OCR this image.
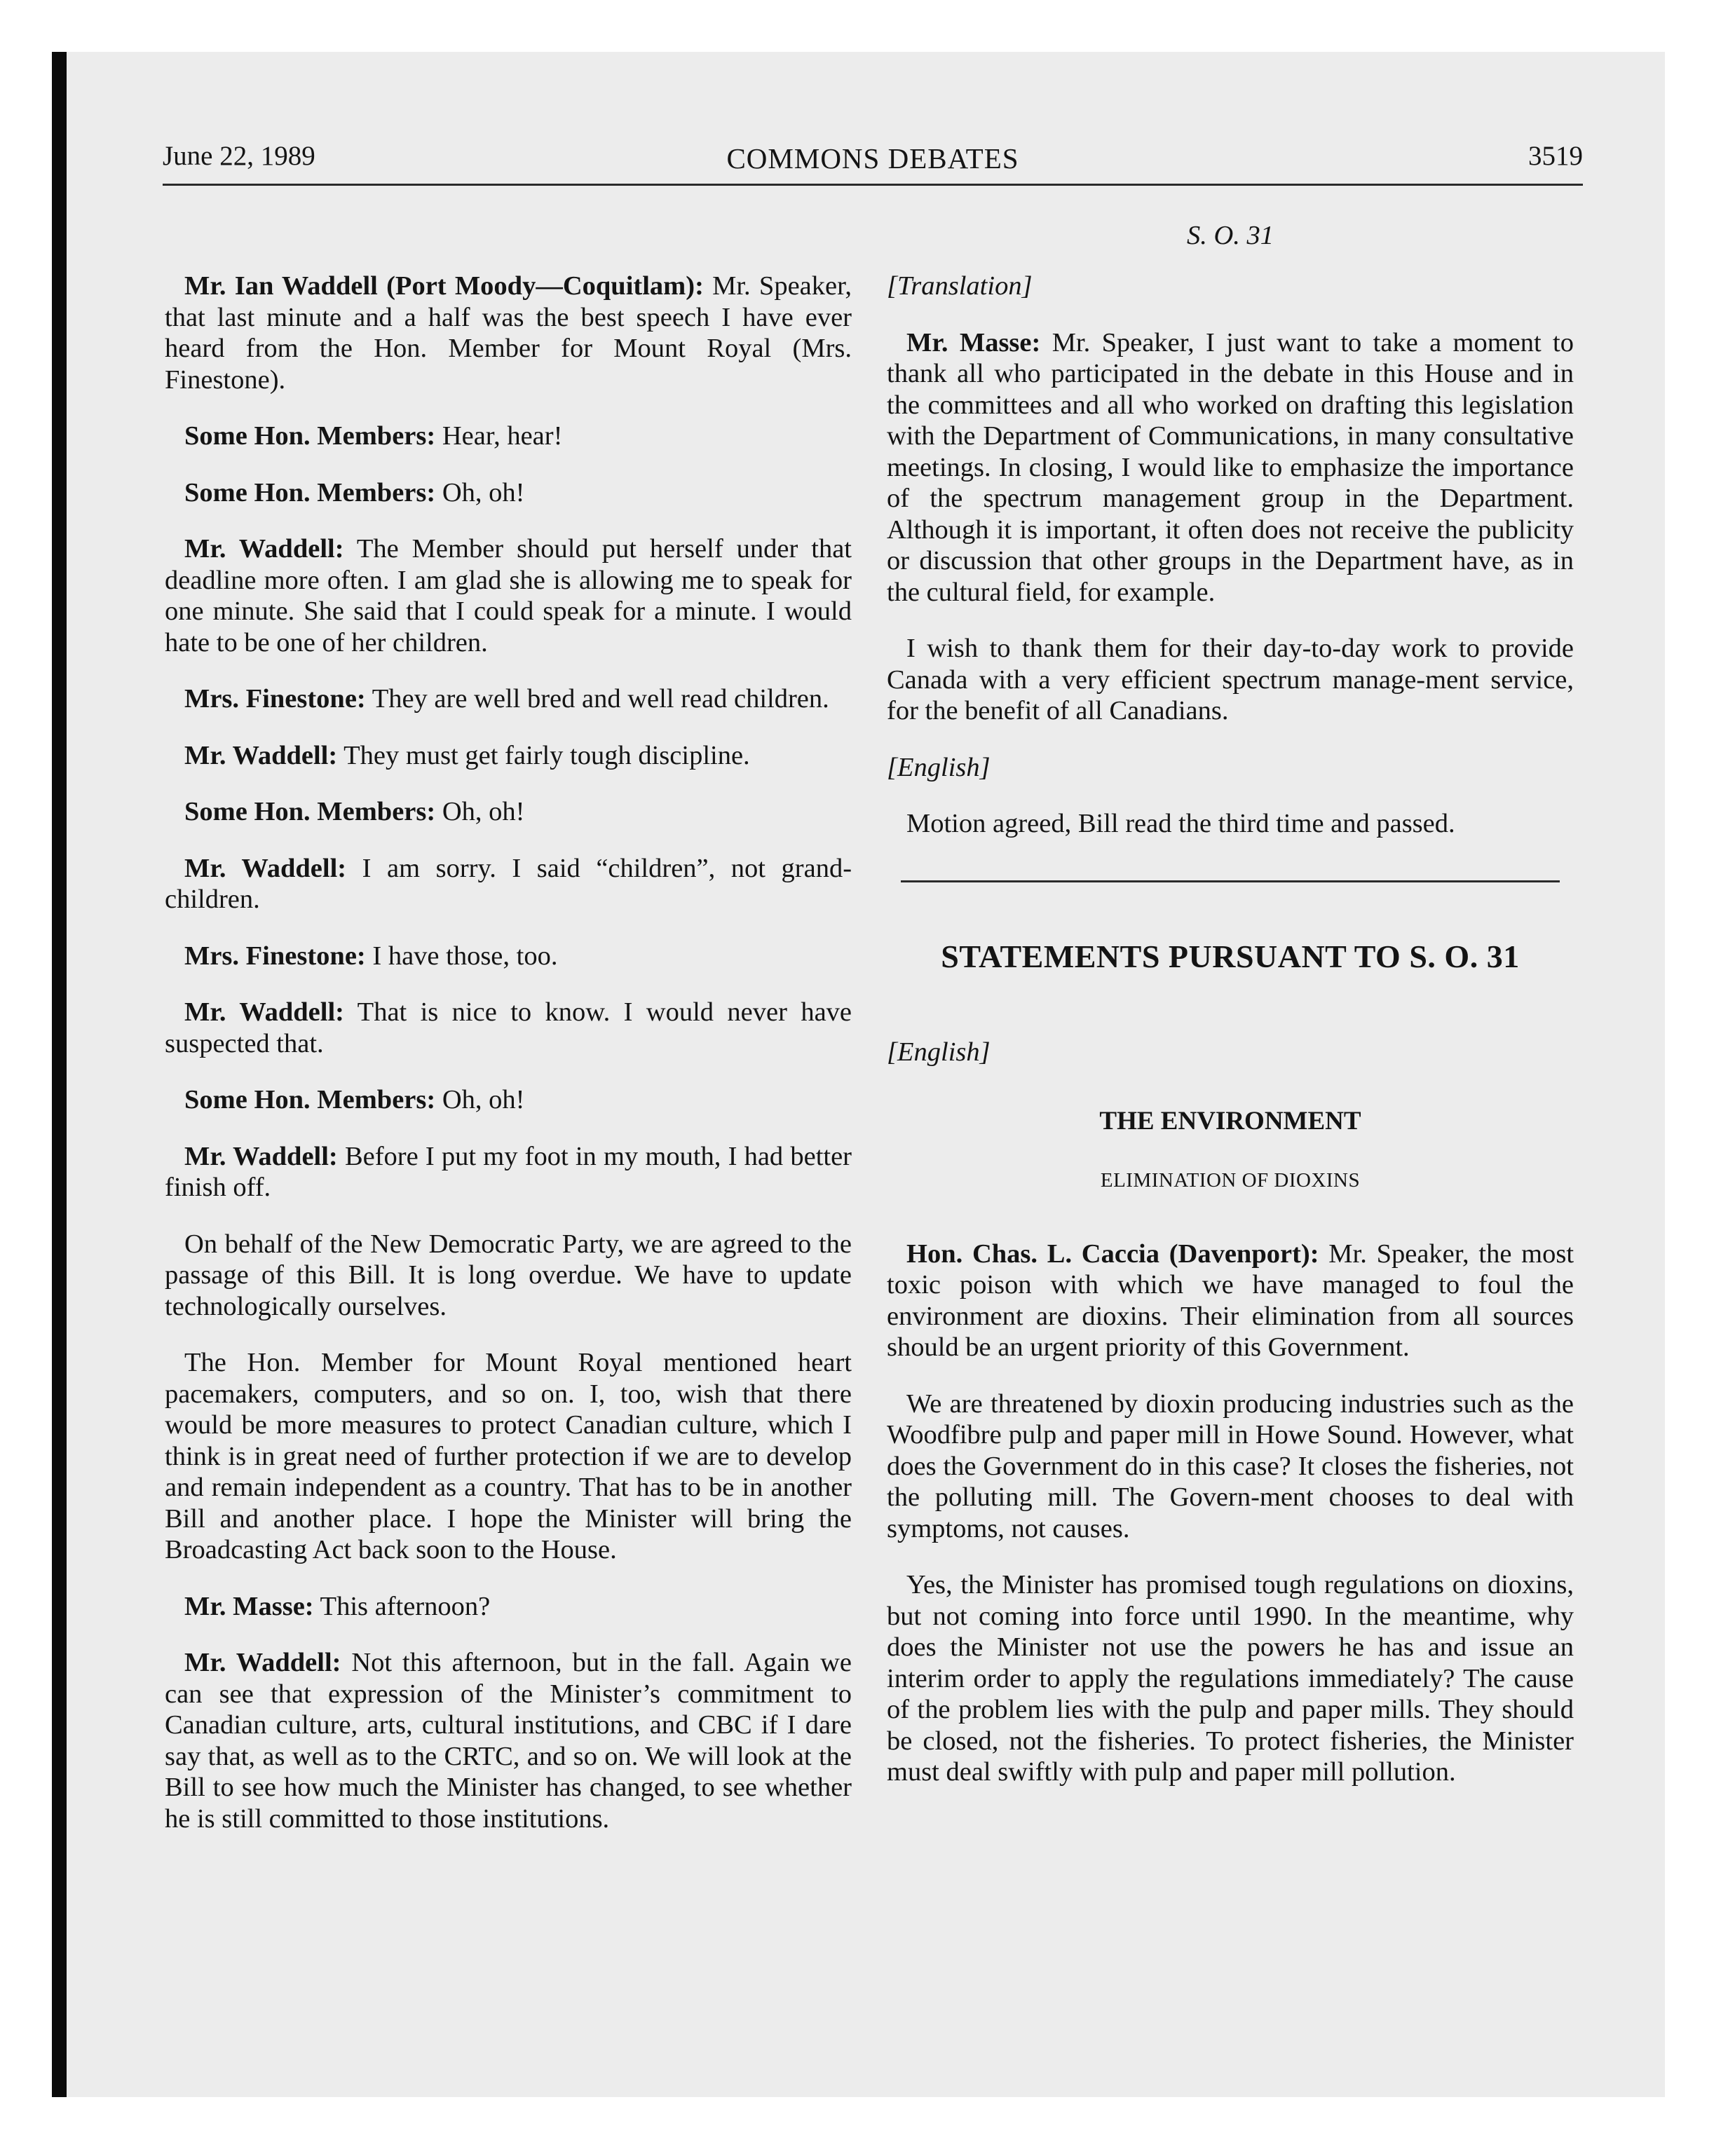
June 22, 1989	COMMONS DEBATES	3519
S. O. 31

Mr. Ian Waddell (Port Moody—Coquitlam): Mr. Speaker, that last minute and a half was the best speech I have ever heard from the Hon. Member for Mount Royal (Mrs. Finestone).

Some Hon. Members: Hear, hear!

Some Hon. Members: Oh, oh!

Mr. Waddell: The Member should put herself under that deadline more often. I am glad she is allowing me to speak for one minute. She said that I could speak for a minute. I would hate to be one of her children.

Mrs. Finestone: They are well bred and well read children.

Mr. Waddell: They must get fairly tough discipline.

Some Hon. Members: Oh, oh!

Mr. Waddell: I am sorry. I said “children”, not grand-children.

Mrs. Finestone: I have those, too.

Mr. Waddell: That is nice to know. I would never have suspected that.

Some Hon. Members: Oh, oh!

Mr. Waddell: Before I put my foot in my mouth, I had better finish off.

On behalf of the New Democratic Party, we are agreed to the passage of this Bill. It is long overdue. We have to update technologically ourselves.

The Hon. Member for Mount Royal mentioned heart pacemakers, computers, and so on. I, too, wish that there would be more measures to protect Canadian culture, which I think is in great need of further protection if we are to develop and remain independent as a country. That has to be in another Bill and another place. I hope the Minister will bring the Broadcasting Act back soon to the House.

Mr. Masse: This afternoon?

Mr. Waddell: Not this afternoon, but in the fall. Again we can see that expression of the Minister’s commitment to Canadian culture, arts, cultural institutions, and CBC if I dare say that, as well as to the CRTC, and so on. We will look at the Bill to see how much the Minister has changed, to see whether he is still committed to those institutions.

[Translation]

Mr. Masse: Mr. Speaker, I just want to take a moment to thank all who participated in the debate in this House and in the committees and all who worked on drafting this legislation with the Department of Communications, in many consultative meetings. In closing, I would like to emphasize the importance of the spectrum management group in the Department. Although it is important, it often does not receive the publicity or discussion that other groups in the Department have, as in the cultural field, for example.

I wish to thank them for their day-to-day work to provide Canada with a very efficient spectrum manage-ment service, for the benefit of all Canadians.

[English]

Motion agreed, Bill read the third time and passed.

STATEMENTS PURSUANT TO S. O. 31

[English]

THE ENVIRONMENT
ELIMINATION OF DIOXINS

Hon. Chas. L. Caccia (Davenport): Mr. Speaker, the most toxic poison with which we have managed to foul the environment are dioxins. Their elimination from all sources should be an urgent priority of this Government.

We are threatened by dioxin producing industries such as the Woodfibre pulp and paper mill in Howe Sound. However, what does the Government do in this case? It closes the fisheries, not the polluting mill. The Govern-ment chooses to deal with symptoms, not causes.

Yes, the Minister has promised tough regulations on dioxins, but not coming into force until 1990. In the meantime, why does the Minister not use the powers he has and issue an interim order to apply the regulations immediately? The cause of the problem lies with the pulp and paper mills. They should be closed, not the fisheries. To protect fisheries, the Minister must deal swiftly with pulp and paper mill pollution.
